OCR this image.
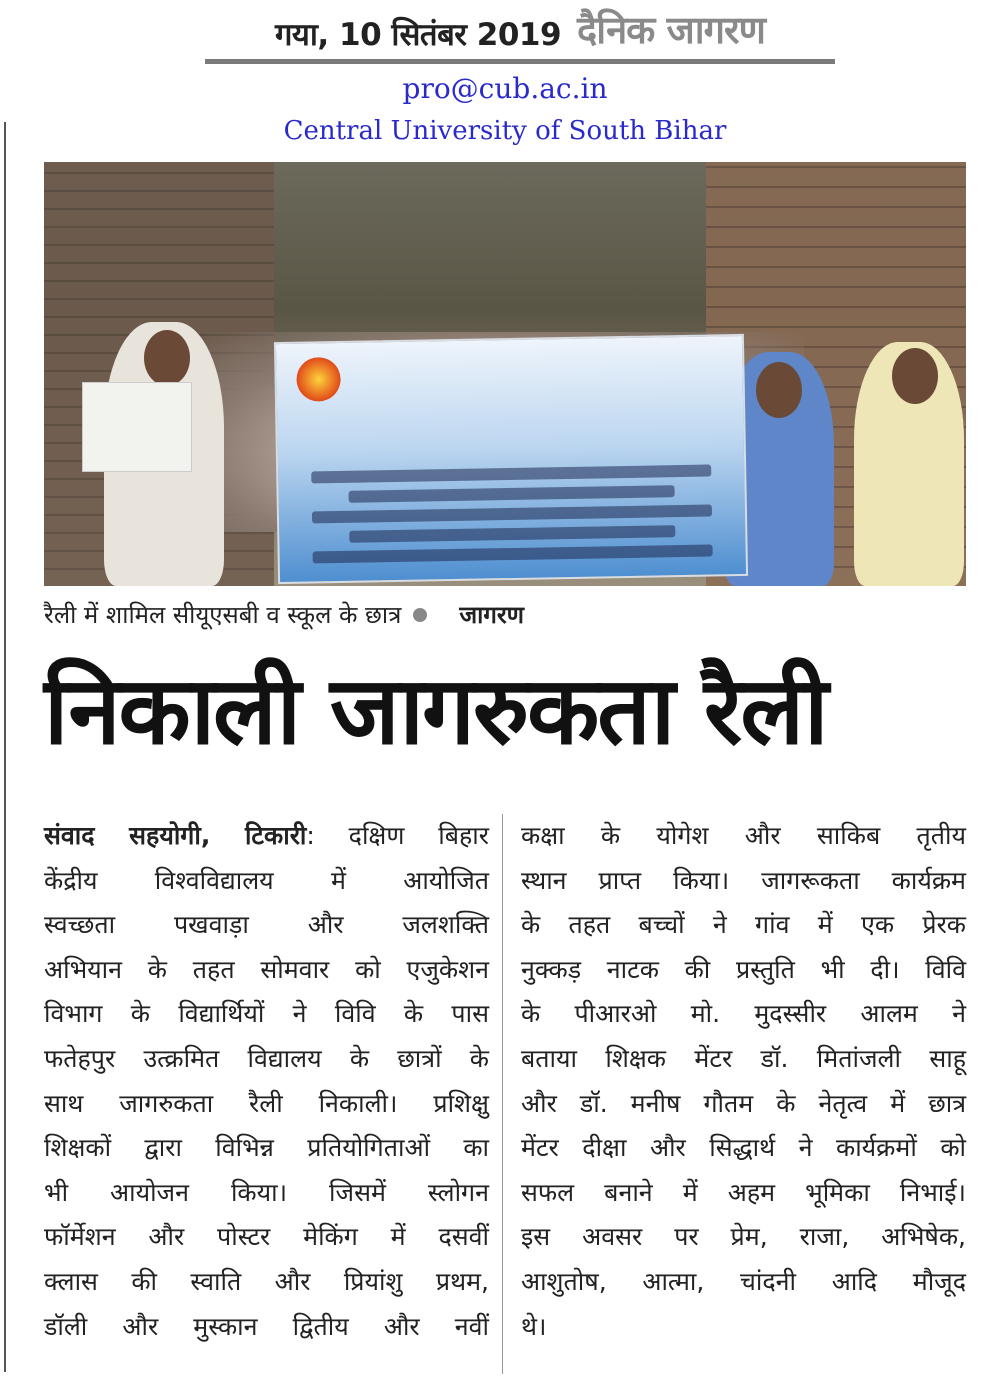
गया, 10 सितंबर 2019 दैनिक जागरण
pro@cub.ac.in
Central University of South Bihar
रैली में शामिल सीयूएसबी व स्कूल के छात्र जागरण
निकाली जागरुकता रैली
संवाद सहयोगी, टिकारी: दक्षिण बिहार
केंद्रीय विश्वविद्यालय में आयोजित
स्वच्छता पखवाड़ा और जलशक्ति
अभियान के तहत सोमवार को एजुकेशन
विभाग के विद्यार्थियों ने विवि के पास
फतेहपुर उत्क्रमित विद्यालय के छात्रों के
साथ जागरुकता रैली निकाली। प्रशिक्षु
शिक्षकों द्वारा विभिन्न प्रतियोगिताओं का
भी आयोजन किया। जिसमें स्लोगन
फॉर्मेशन और पोस्टर मेकिंग में दसवीं
क्लास की स्वाति और प्रियांशु प्रथम,
डॉली और मुस्कान द्वितीय और नवीं
कक्षा के योगेश और साकिब तृतीय
स्थान प्राप्त किया। जागरूकता कार्यक्रम
के तहत बच्चों ने गांव में एक प्रेरक
नुक्कड़ नाटक की प्रस्तुति भी दी। विवि
के पीआरओ मो. मुदस्सीर आलम ने
बताया शिक्षक मेंटर डॉ. मितांजली साहू
और डॉ. मनीष गौतम के नेतृत्व में छात्र
मेंटर दीक्षा और सिद्धार्थ ने कार्यक्रमों को
सफल बनाने में अहम भूमिका निभाई।
इस अवसर पर प्रेम, राजा, अभिषेक,
आशुतोष, आत्मा, चांदनी आदि मौजूद
थे।
